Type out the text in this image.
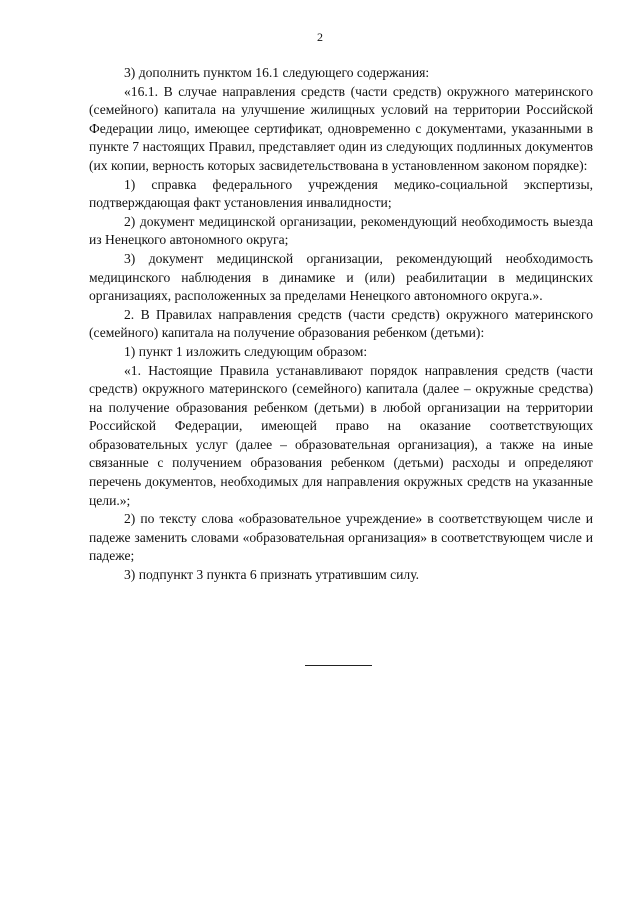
2

3) дополнить пунктом 16.1 следующего содержания:

«16.1. В случае направления средств (части средств) окружного материнского (семейного) капитала на улучшение жилищных условий на территории Российской Федерации лицо, имеющее сертификат, одновременно с документами, указанными в пункте 7 настоящих Правил, представляет один из следующих подлинных документов (их копии, верность которых засвидетельствована в установленном законом порядке):

1) справка федерального учреждения медико-социальной экспертизы, подтверждающая факт установления инвалидности;

2) документ медицинской организации, рекомендующий необходимость выезда из Ненецкого автономного округа;

3) документ медицинской организации, рекомендующий необходимость медицинского наблюдения в динамике и (или) реабилитации в медицинских организациях, расположенных за пределами Ненецкого автономного округа.».

2. В Правилах направления средств (части средств) окружного материнского (семейного) капитала на получение образования ребенком (детьми):

1) пункт 1 изложить следующим образом:

«1. Настоящие Правила устанавливают порядок направления средств (части средств) окружного материнского (семейного) капитала (далее – окружные средства) на получение образования ребенком (детьми) в любой организации на территории Российской Федерации, имеющей право на оказание соответствующих образовательных услуг (далее – образовательная организация), а также на иные связанные с получением образования ребенком (детьми) расходы и определяют перечень документов, необходимых для направления окружных средств на указанные цели.»;

2) по тексту слова «образовательное учреждение» в соответствующем числе и падеже заменить словами «образовательная организация» в соответствующем числе и падеже;

3) подпункт 3 пункта 6 признать утратившим силу.
